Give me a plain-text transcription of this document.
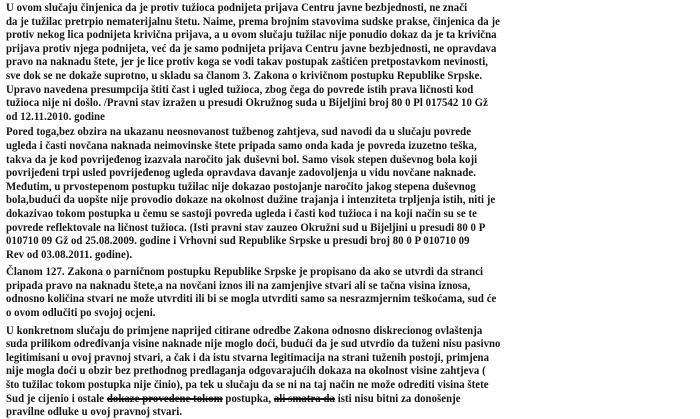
U ovom slučaju činjenica da je protiv tužioca podnijeta prijava Centru javne bezbjednosti, ne znači
da je tužilac pretrpio nematerijalnu štetu. Naime, prema brojnim stavovima sudske prakse, činjenica da je
protiv nekog lica podnijeta krivična prijava, a u ovom slučaju tužilac nije ponudio dokaz da je ta krivična
prijava protiv njega podnijeta, već da je samo podnijeta prijava Centru javne bezbjednosti, ne opravdava
pravo na naknadu štete, jer je lice protiv koga se vodi takav postupak zaštićen pretpostavkom nevinosti,
sve dok se ne dokaže suprotno, u skladu sa članom 3. Zakona o krivičnom postupku Republike Srpske.
Upravo navedena presumpcija štiti čast i ugled tužioca, zbog čega do povrede istih prava ličnosti kod
tužioca nije ni došlo. /Pravni stav izražen u presudi Okružnog suda u Bijeljini broj 80 0 Pl 017542 10 Gž
od 12.11.2010. godine
Pored toga,bez obzira na ukazanu neosnovanost tužbenog zahtjeva, sud navodi da u slučaju povrede
ugleda i časti novčana naknada neimovinske štete pripada samo onda kada je povreda izuzetno teška,
takva da je kod povrijeđenog izazvala naročito jak duševni bol. Samo visok stepen duševnog bola koji
povrijeđeni trpi usled povrijeđenog ugleda opravdava davanje zadovoljenja u vidu novčane naknade.
Međutim, u prvostepenom postupku tužilac nije dokazao postojanje naročito jakog stepena duševnog
bola,budući da uopšte nije provodio dokaze na okolnost dužine trajanja i intenziteta trpljenja istih, niti je
dokazivao tokom postupka u čemu se sastoji povreda ugleda i časti kod tužioca i na koji način su se te
povrede reflektovale na ličnost tužioca. (Isti pravni stav zauzeo Okružni sud u Bijeljini u presudi 80 0 P
010710 09 Gž od 25.08.2009. godine i Vrhovni sud Republike Srpske u presudi broj 80 0 P 010710 09
Rev od 03.08.2011. godine).
Članom 127. Zakona o parničnom postupku Republike Srpske je propisano da ako se utvrdi da stranci
pripada pravo na naknadu štete,a na novčani iznos ili na zamjenjive stvari ali se tačna visina iznosa,
odnosno količina stvari ne može utvrditi ili bi se mogla utvrditi samo sa nesrazmjernim teškoćama, sud će
o ovom odlučiti po svojoj ocjeni.
U konkretnom slučaju do primjene naprijed citirane odredbe Zakona odnosno diskrecionog ovlaštenja
suda prilikom određivanja visine naknade nije moglo doći, budući da je sud utvrdio da tuženi nisu pasivno
legitimisani u ovoj pravnoj stvari, a čak i da istu stvarna legitimacija na strani tuženih postoji, primjena
nije mogla doći u obzir bez prethodnog predlaganja odgovarajućih dokaza na okolnost visine zahtjeva (
što tužilac tokom postupka nije činio), pa tek u slučaju da se ni na taj način ne može odrediti visina štete
Sud je cijenio i ostale dokaze provedene tokom postupka, ali smatra da isti nisu bitni za donošenje
pravilne odluke u ovoj pravnoj stvari.
